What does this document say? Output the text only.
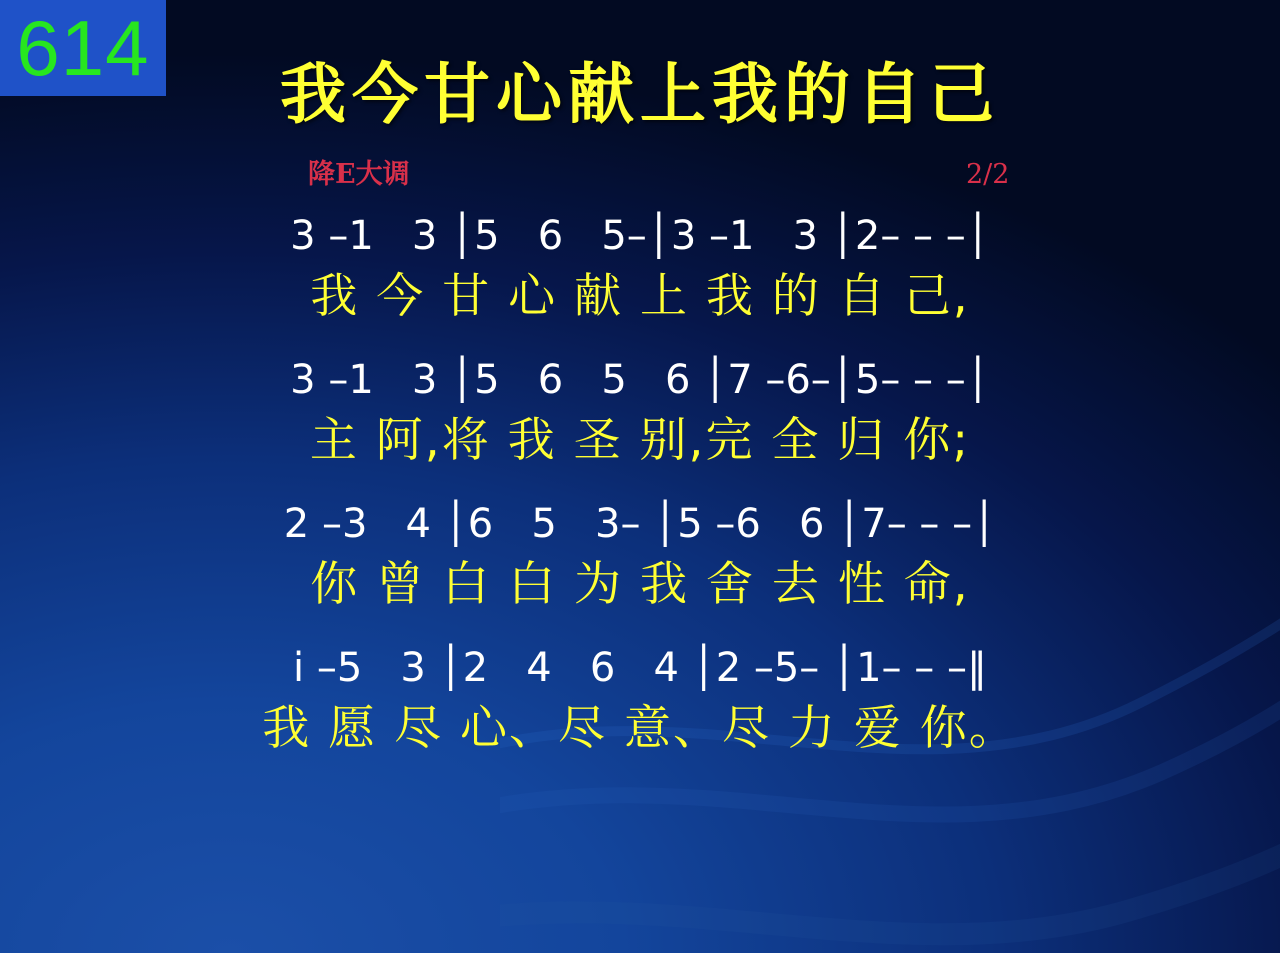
614
我今甘心献上我的自己
降E大调	2/2
3 –1   3 │5   6   5–│3 –1   3 │2– – –│
我 今 甘 心 献 上 我 的 自 己,
3 –1   3 │5   6   5   6 │7 –6–│5– – –│
主 阿,将 我 圣 别,完 全 归 你;
2 –3   4 │6   5   3– │5 –6   6 │7– – –│
你 曾 白 白 为 我 舍 去 性 命,
i –5   3 │2   4   6   4 │2 –5– │1– – –‖
我 愿 尽 心、尽 意、尽 力 爱 你。
